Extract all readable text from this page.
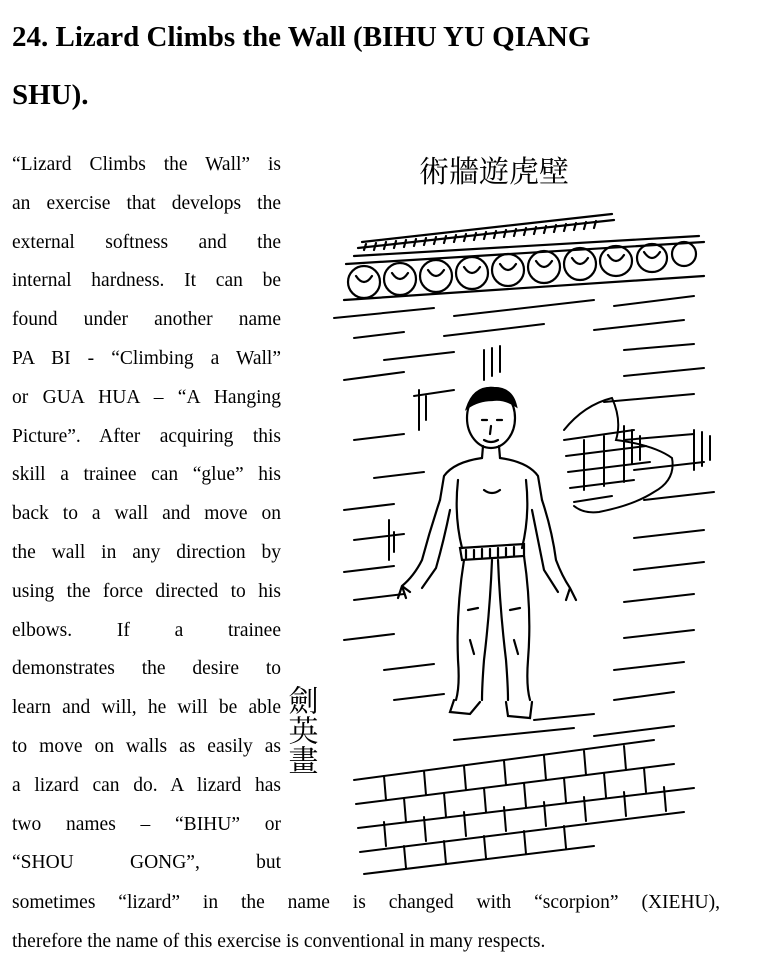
24. Lizard Climbs the Wall (BIHU YU QIANG
SHU).
“Lizard Climbs the Wall” is
an exercise that develops the
external softness and the
internal hardness. It can be
found under another name
PA BI - “Climbing a Wall”
or GUA HUA – “A Hanging
Picture”. After acquiring this
skill a trainee can “glue” his
back to a wall and move on
the wall in any direction by
using the force directed to his
elbows. If a trainee
demonstrates the desire to
learn and will, he will be able
to move on walls as easily as
a lizard can do. A lizard has
two names – “BIHU” or
“SHOU GONG”, but
sometimes “lizard” in the name is changed with “scorpion” (XIEHU),
therefore the name of this exercise is conventional in many respects.
術牆遊虎壁
劍英畫
